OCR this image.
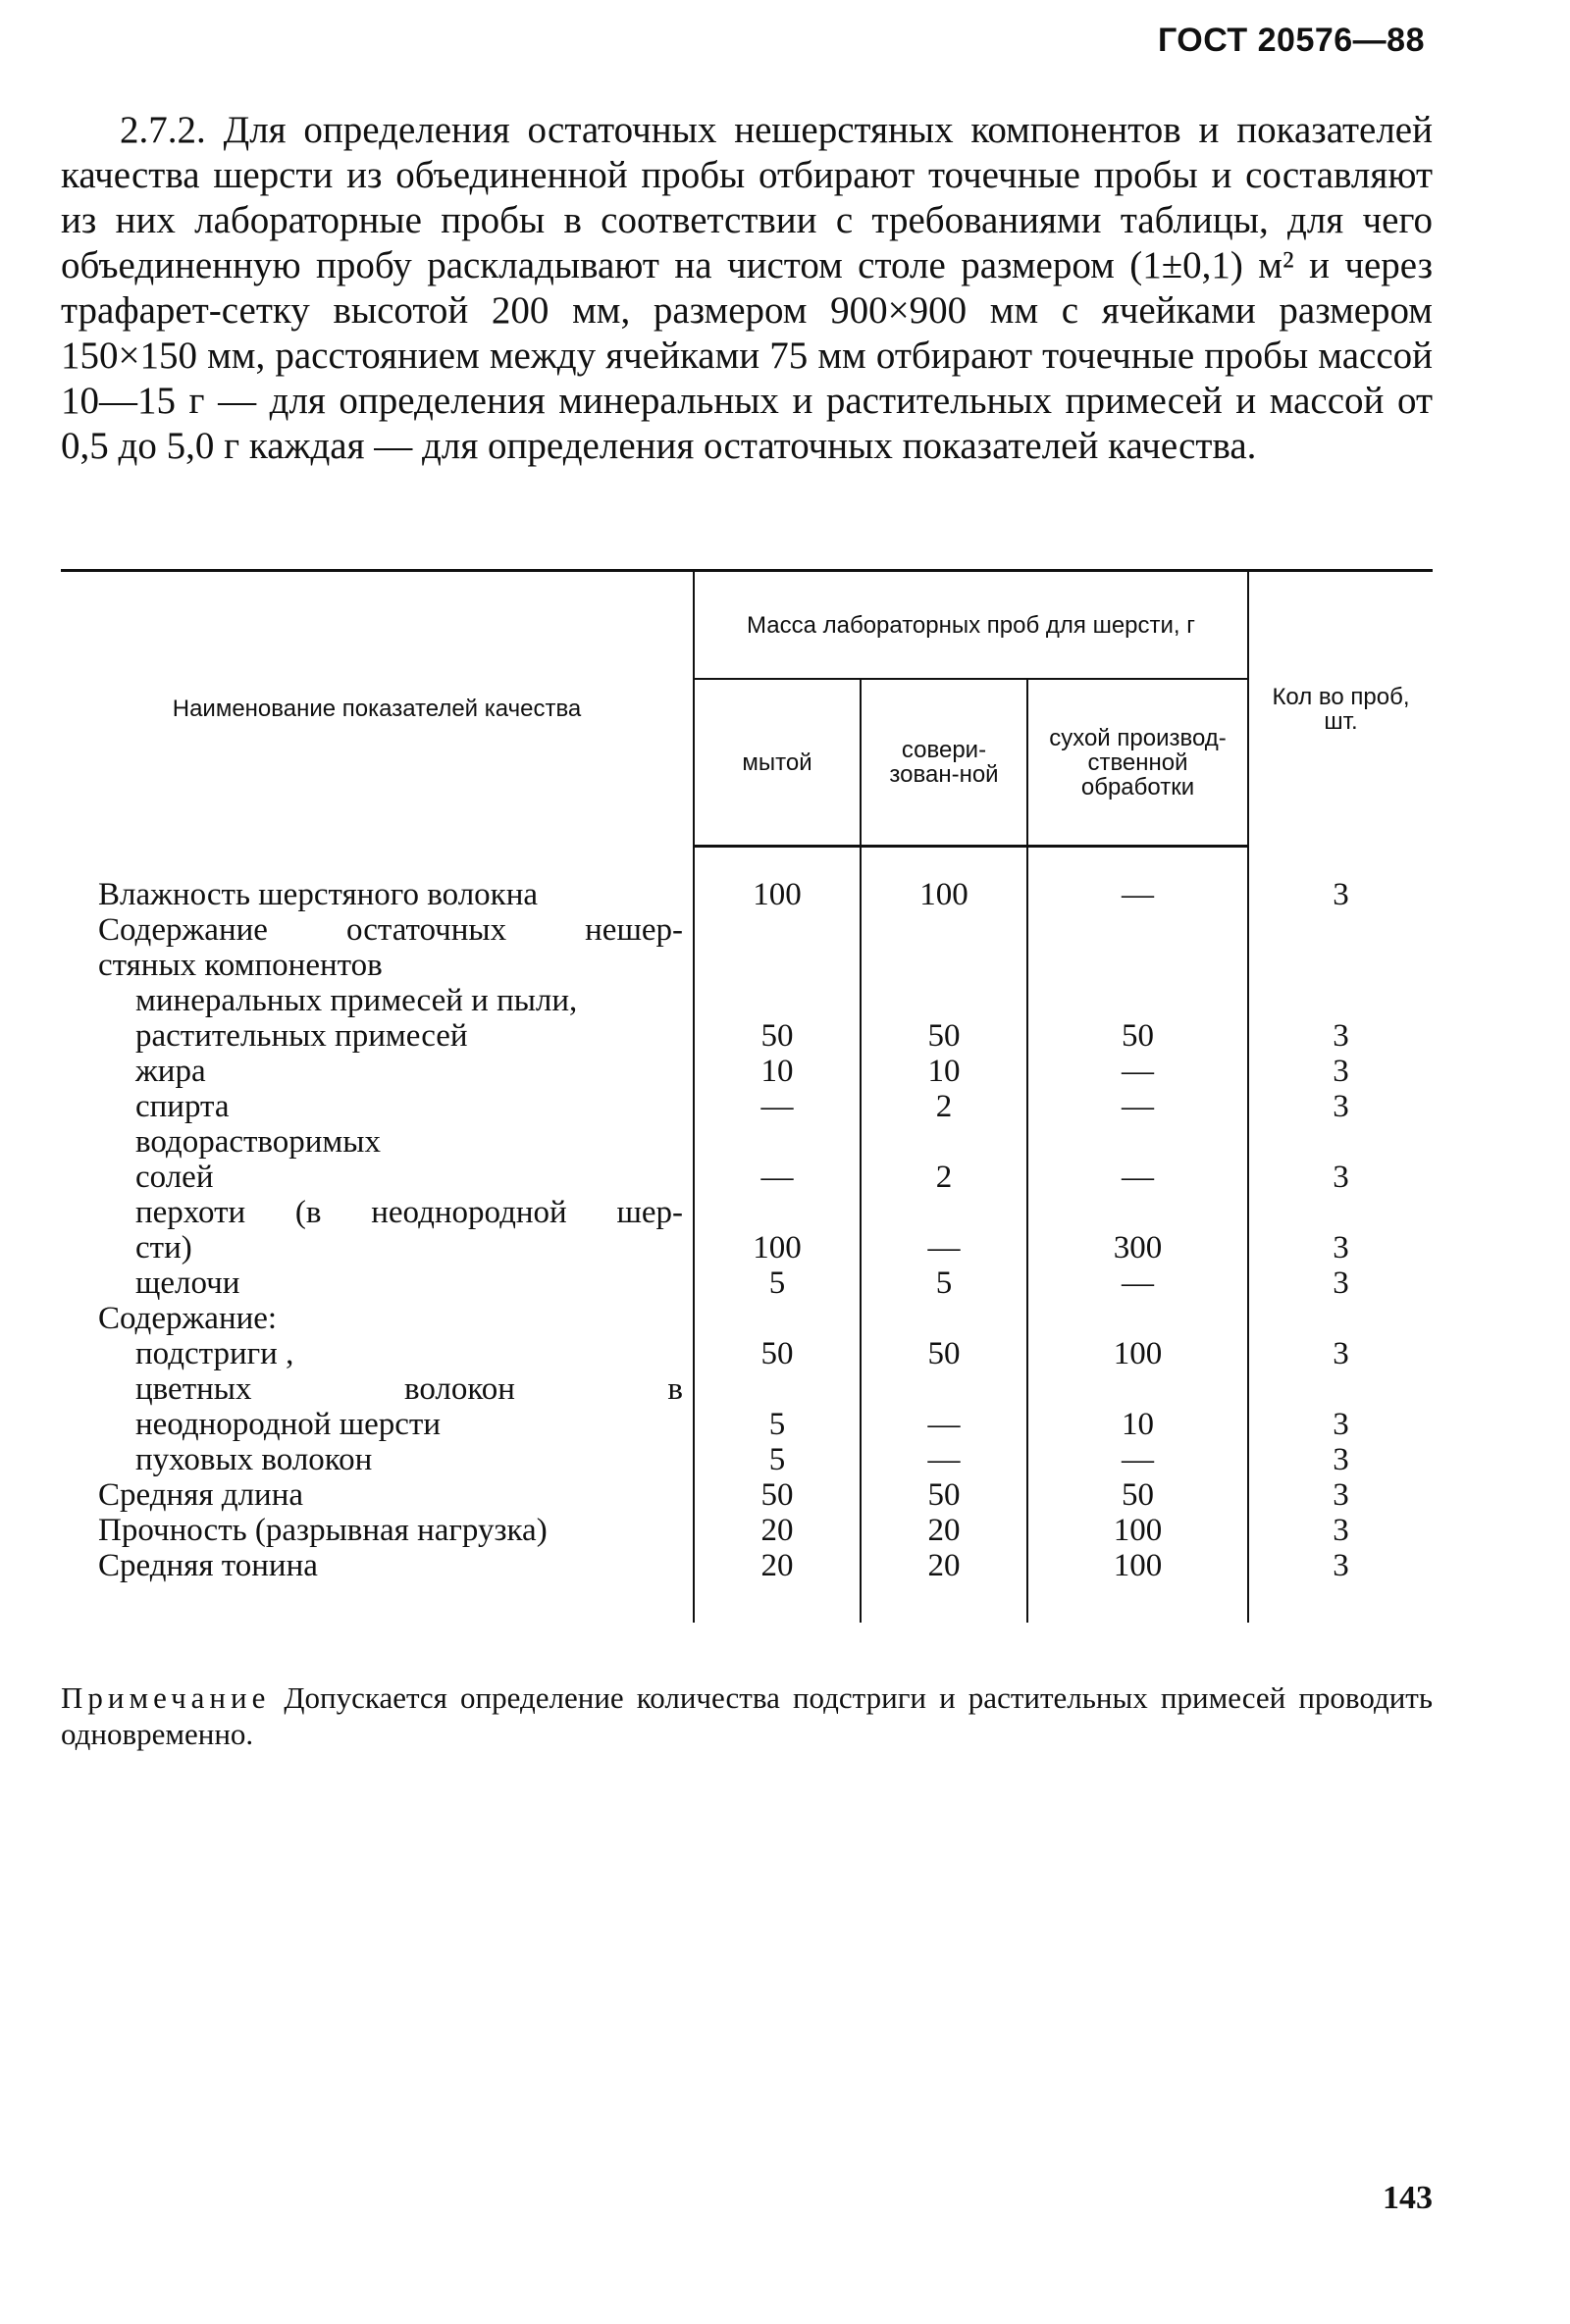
ГОСТ 20576—88

2.7.2. Для определения остаточных нешерстяных компонентов и показателей качества шерсти из объединенной пробы отбирают точечные пробы и составляют из них лабораторные пробы в соответствии с требованиями таблицы, для чего объединенную пробу раскладывают на чистом столе размером (1±0,1) м² и через трафарет-сетку высотой 200 мм, размером 900×900 мм с ячейками размером 150×150 мм, расстоянием между ячейками 75 мм отбирают точечные пробы массой 10—15 г — для определения минеральных и растительных примесей и массой от 0,5 до 5,0 г каждая — для определения остаточных показателей качества.

Наименование показателей качества	Масса лабораторных проб для шерсти, г			Кол во проб, шт.
	мытой	совери-зован-ной	сухой производ-ственной обработки	

Влажность шерстяного волокна	100	100	—	3

Содержание остаточных нешер-				

стяных компонентов				
минеральных примесей и пыли,				
растительных примесей	50	50	50	3
жира	10	10	—	3
спирта	—	2	—	3
водорастворимых				
солей	—	2	—	3

перхоти (в неоднородной шер-				

сти)	100	—	300	3
щелочи	5	5	—	3
Содержание:				
подстриги ,	50	50	100	3

цветных волокон в				

неоднородной шерсти	5	—	10	3
пуховых волокон	5	—	—	3
Средняя длина	50	50	50	3
Прочность (разрывная нагрузка)	20	20	100	3
Средняя тонина	20	20	100	3

Примечание Допускается определение количества подстриги и растительных примесей проводить одновременно.

143
